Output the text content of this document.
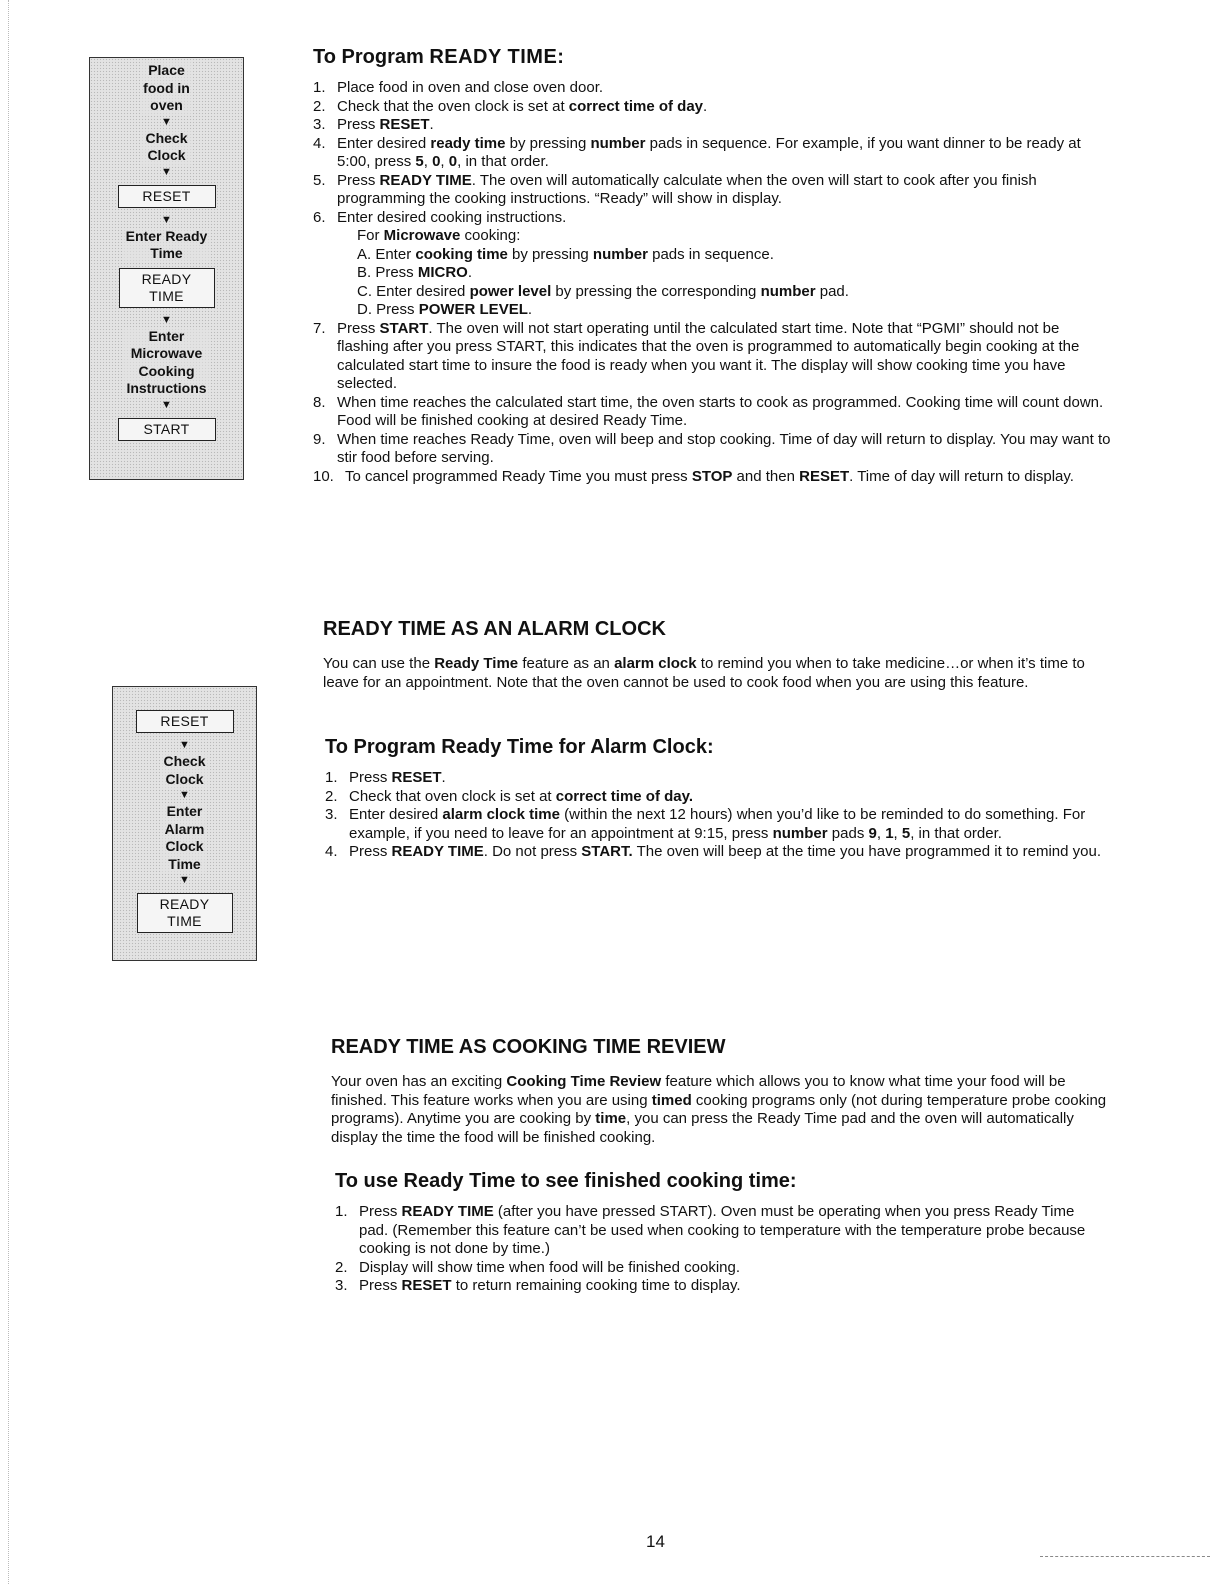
Place
food in
oven
▼
Check
Clock
▼
RESET
▼
Enter Ready
Time
READY
TIME
▼
Enter
Microwave
Cooking
Instructions
▼
START
RESET
▼
Check
Clock
▼
Enter
Alarm
Clock
Time
▼
READY
TIME
To Program READY TIME:
1. Place food in oven and close oven door.
2. Check that the oven clock is set at correct time of day.
3. Press RESET.
4. Enter desired ready time by pressing number pads in sequence. For example, if you want dinner to be ready at 5:00, press 5, 0, 0, in that order.
5. Press READY TIME. The oven will automatically calculate when the oven will start to cook after you finish programming the cooking instructions. “Ready” will show in display.
6. Enter desired cooking instructions.
For Microwave cooking:
A. Enter cooking time by pressing number pads in sequence.
B. Press MICRO.
C. Enter desired power level by pressing the corresponding number pad.
D. Press POWER LEVEL.
7. Press START. The oven will not start operating until the calculated start time. Note that “PGMI” should not be flashing after you press START, this indicates that the oven is programmed to automatically begin cooking at the calculated start time to insure the food is ready when you want it. The display will show cooking time you have selected.
8. When time reaches the calculated start time, the oven starts to cook as programmed. Cooking time will count down. Food will be finished cooking at desired Ready Time.
9. When time reaches Ready Time, oven will beep and stop cooking. Time of day will return to display. You may want to stir food before serving.
10. To cancel programmed Ready Time you must press STOP and then RESET. Time of day will return to display.
READY TIME AS AN ALARM CLOCK

You can use the Ready Time feature as an alarm clock to remind you when to take medicine…or when it’s time to leave for an appointment. Note that the oven cannot be used to cook food when you are using this feature.

To Program Ready Time for Alarm Clock:
1. Press RESET.
2. Check that oven clock is set at correct time of day.
3. Enter desired alarm clock time (within the next 12 hours) when you’d like to be reminded to do something. For example, if you need to leave for an appointment at 9:15, press number pads 9, 1, 5, in that order.
4. Press READY TIME. Do not press START. The oven will beep at the time you have programmed it to remind you.
READY TIME AS COOKING TIME REVIEW

Your oven has an exciting Cooking Time Review feature which allows you to know what time your food will be finished. This feature works when you are using timed cooking programs only (not during temperature probe cooking programs). Anytime you are cooking by time, you can press the Ready Time pad and the oven will automatically display the time the food will be finished cooking.

To use Ready Time to see finished cooking time:
1. Press READY TIME (after you have pressed START). Oven must be operating when you press Ready Time pad. (Remember this feature can’t be used when cooking to temperature with the temperature probe because cooking is not done by time.)
2. Display will show time when food will be finished cooking.
3. Press RESET to return remaining cooking time to display.
14
